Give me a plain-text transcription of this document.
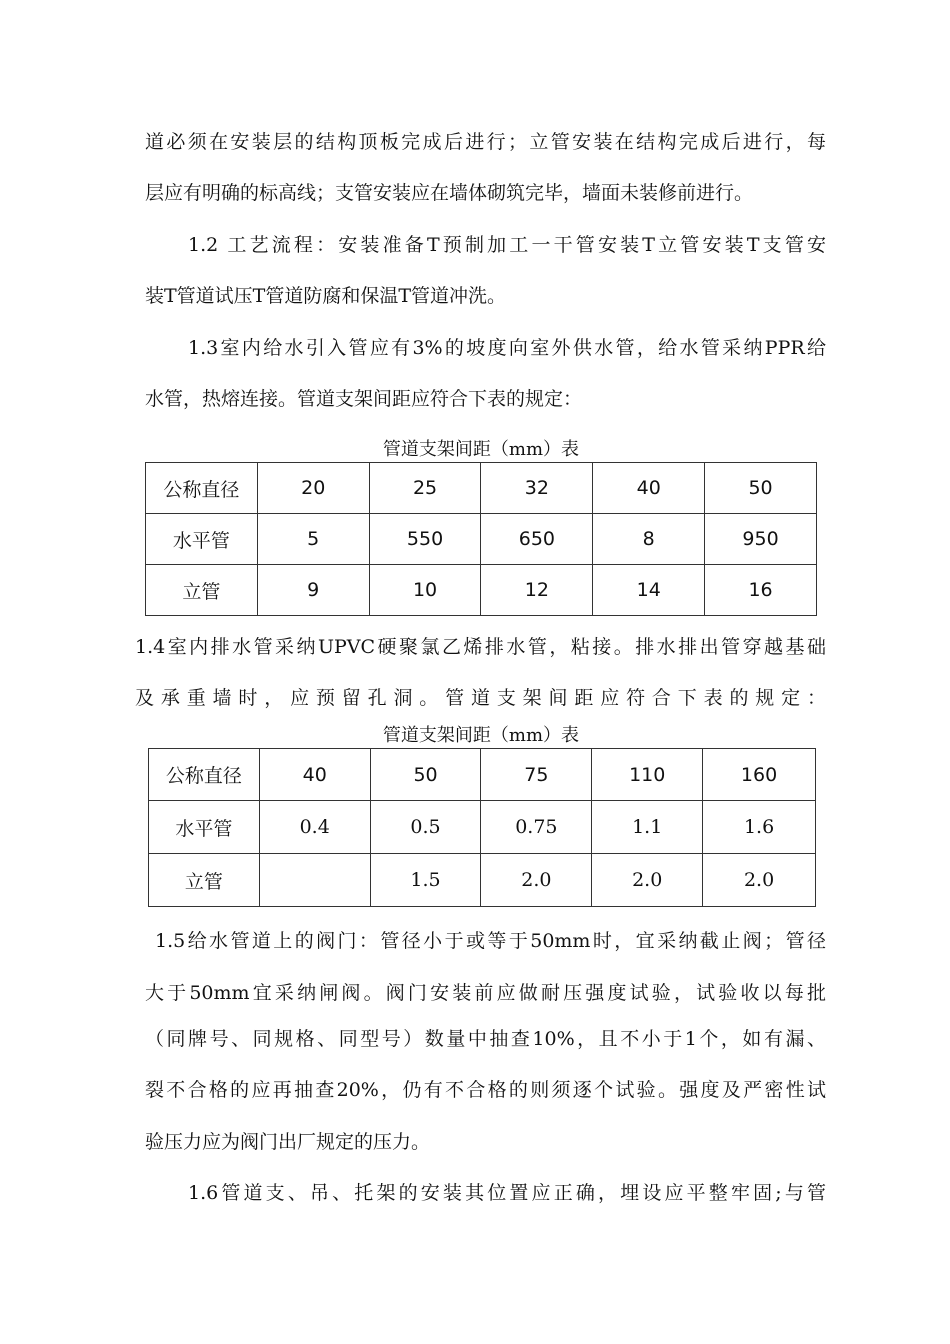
道必须在安装层的结构顶板完成后进行；立管安装在结构完成后进行，每
层应有明确的标高线；支管安装应在墙体砌筑完毕，墙面未装修前进行。
1.2 工艺流程：安装准备T预制加工一干管安装T立管安装T支管安
装T管道试压T管道防腐和保温T管道冲洗。
1.3室内给水引入管应有3%的坡度向室外供水管，给水管采纳PPR给
水管，热熔连接。管道支架间距应符合下表的规定：
管道支架间距（mm）表
公称直径	20	25	32	40	50
水平管	5	550	650	8	950
立管	9	10	12	14	16
1.4室内排水管采纳UPVC硬聚氯乙烯排水管，粘接。排水排出管穿越基础
及承重墙时，应预留孔洞。管道支架间距应符合下表的规定：
管道支架间距（mm）表
公称直径	40	50	75	110	160
水平管	0.4	0.5	0.75	1.1	1.6
立管		1.5	2.0	2.0	2.0
1.5给水管道上的阀门：管径小于或等于50mm时，宜采纳截止阀；管径
大于50mm宜采纳闸阀。阀门安装前应做耐压强度试验，试验收以每批
（同牌号、同规格、同型号）数量中抽查10%，且不小于1个，如有漏、
裂不合格的应再抽查20%，仍有不合格的则须逐个试验。强度及严密性试
验压力应为阀门出厂规定的压力。
1.6管道支、吊、托架的安装其位置应正确，埋设应平整牢固;与管
